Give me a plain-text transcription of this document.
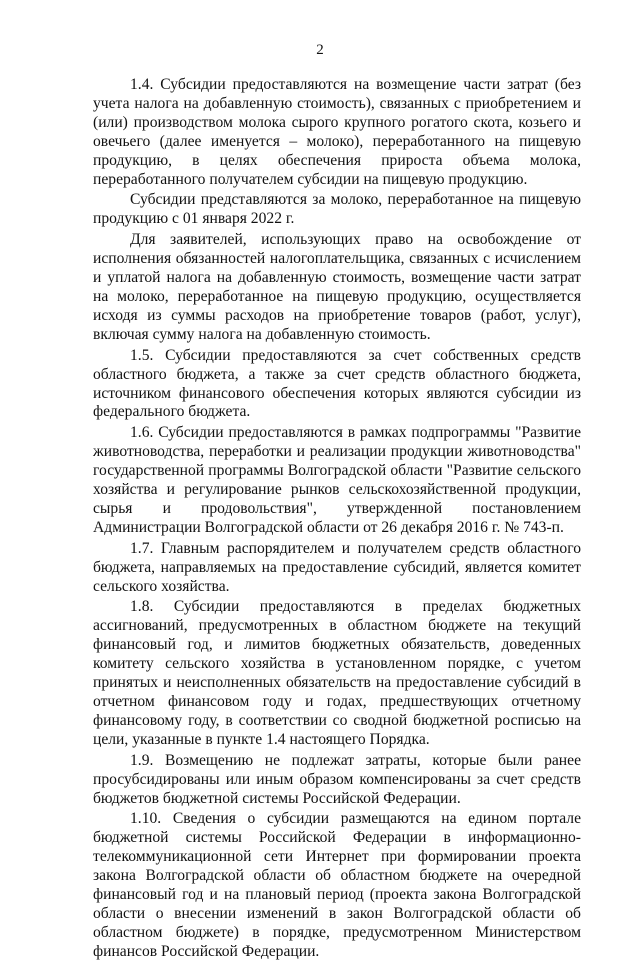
2

1.4. Субсидии предоставляются на возмещение части затрат (без учета налога на добавленную стоимость), связанных с приобретением и (или) производством молока сырого крупного рогатого скота, козьего и овечьего (далее именуется – молоко), переработанного на пищевую продукцию, в целях обеспечения прироста объема молока, переработанного получателем субсидии на пищевую продукцию.

Субсидии представляются за молоко, переработанное на пищевую продукцию с 01 января 2022 г.

Для заявителей, использующих право на освобождение от исполнения обязанностей налогоплательщика, связанных с исчислением и уплатой налога на добавленную стоимость, возмещение части затрат на молоко, переработанное на пищевую продукцию, осуществляется исходя из суммы расходов на приобретение товаров (работ, услуг), включая сумму налога на добавленную стоимость.

1.5. Субсидии предоставляются за счет собственных средств областного бюджета, а также за счет средств областного бюджета, источником финансового обеспечения которых являются субсидии из федерального бюджета.

1.6. Субсидии предоставляются в рамках подпрограммы "Развитие животноводства, переработки и реализации продукции животноводства" государственной программы Волгоградской области "Развитие сельского хозяйства и регулирование рынков сельскохозяйственной продукции, сырья и продовольствия", утвержденной постановлением Администрации Волгоградской области от 26 декабря 2016 г. № 743-п.

1.7. Главным распорядителем и получателем средств областного бюджета, направляемых на предоставление субсидий, является комитет сельского хозяйства.

1.8. Субсидии предоставляются в пределах бюджетных ассигнований, предусмотренных в областном бюджете на текущий финансовый год, и лимитов бюджетных обязательств, доведенных комитету сельского хозяйства в установленном порядке, с учетом принятых и неисполненных обязательств на предоставление субсидий в отчетном финансовом году и годах, предшествующих отчетному финансовому году, в соответствии со сводной бюджетной росписью на цели, указанные в пункте 1.4 настоящего Порядка.

1.9. Возмещению не подлежат затраты, которые были ранее просубсидированы или иным образом компенсированы за счет средств бюджетов бюджетной системы Российской Федерации.

1.10. Сведения о субсидии размещаются на едином портале бюджетной системы Российской Федерации в информационно-телекоммуникационной сети Интернет при формировании проекта закона Волгоградской области об областном бюджете на очередной финансовый год и на плановый период (проекта закона Волгоградской области о внесении изменений в закон Волгоградской области об областном бюджете) в порядке, предусмотренном Министерством финансов Российской Федерации.
